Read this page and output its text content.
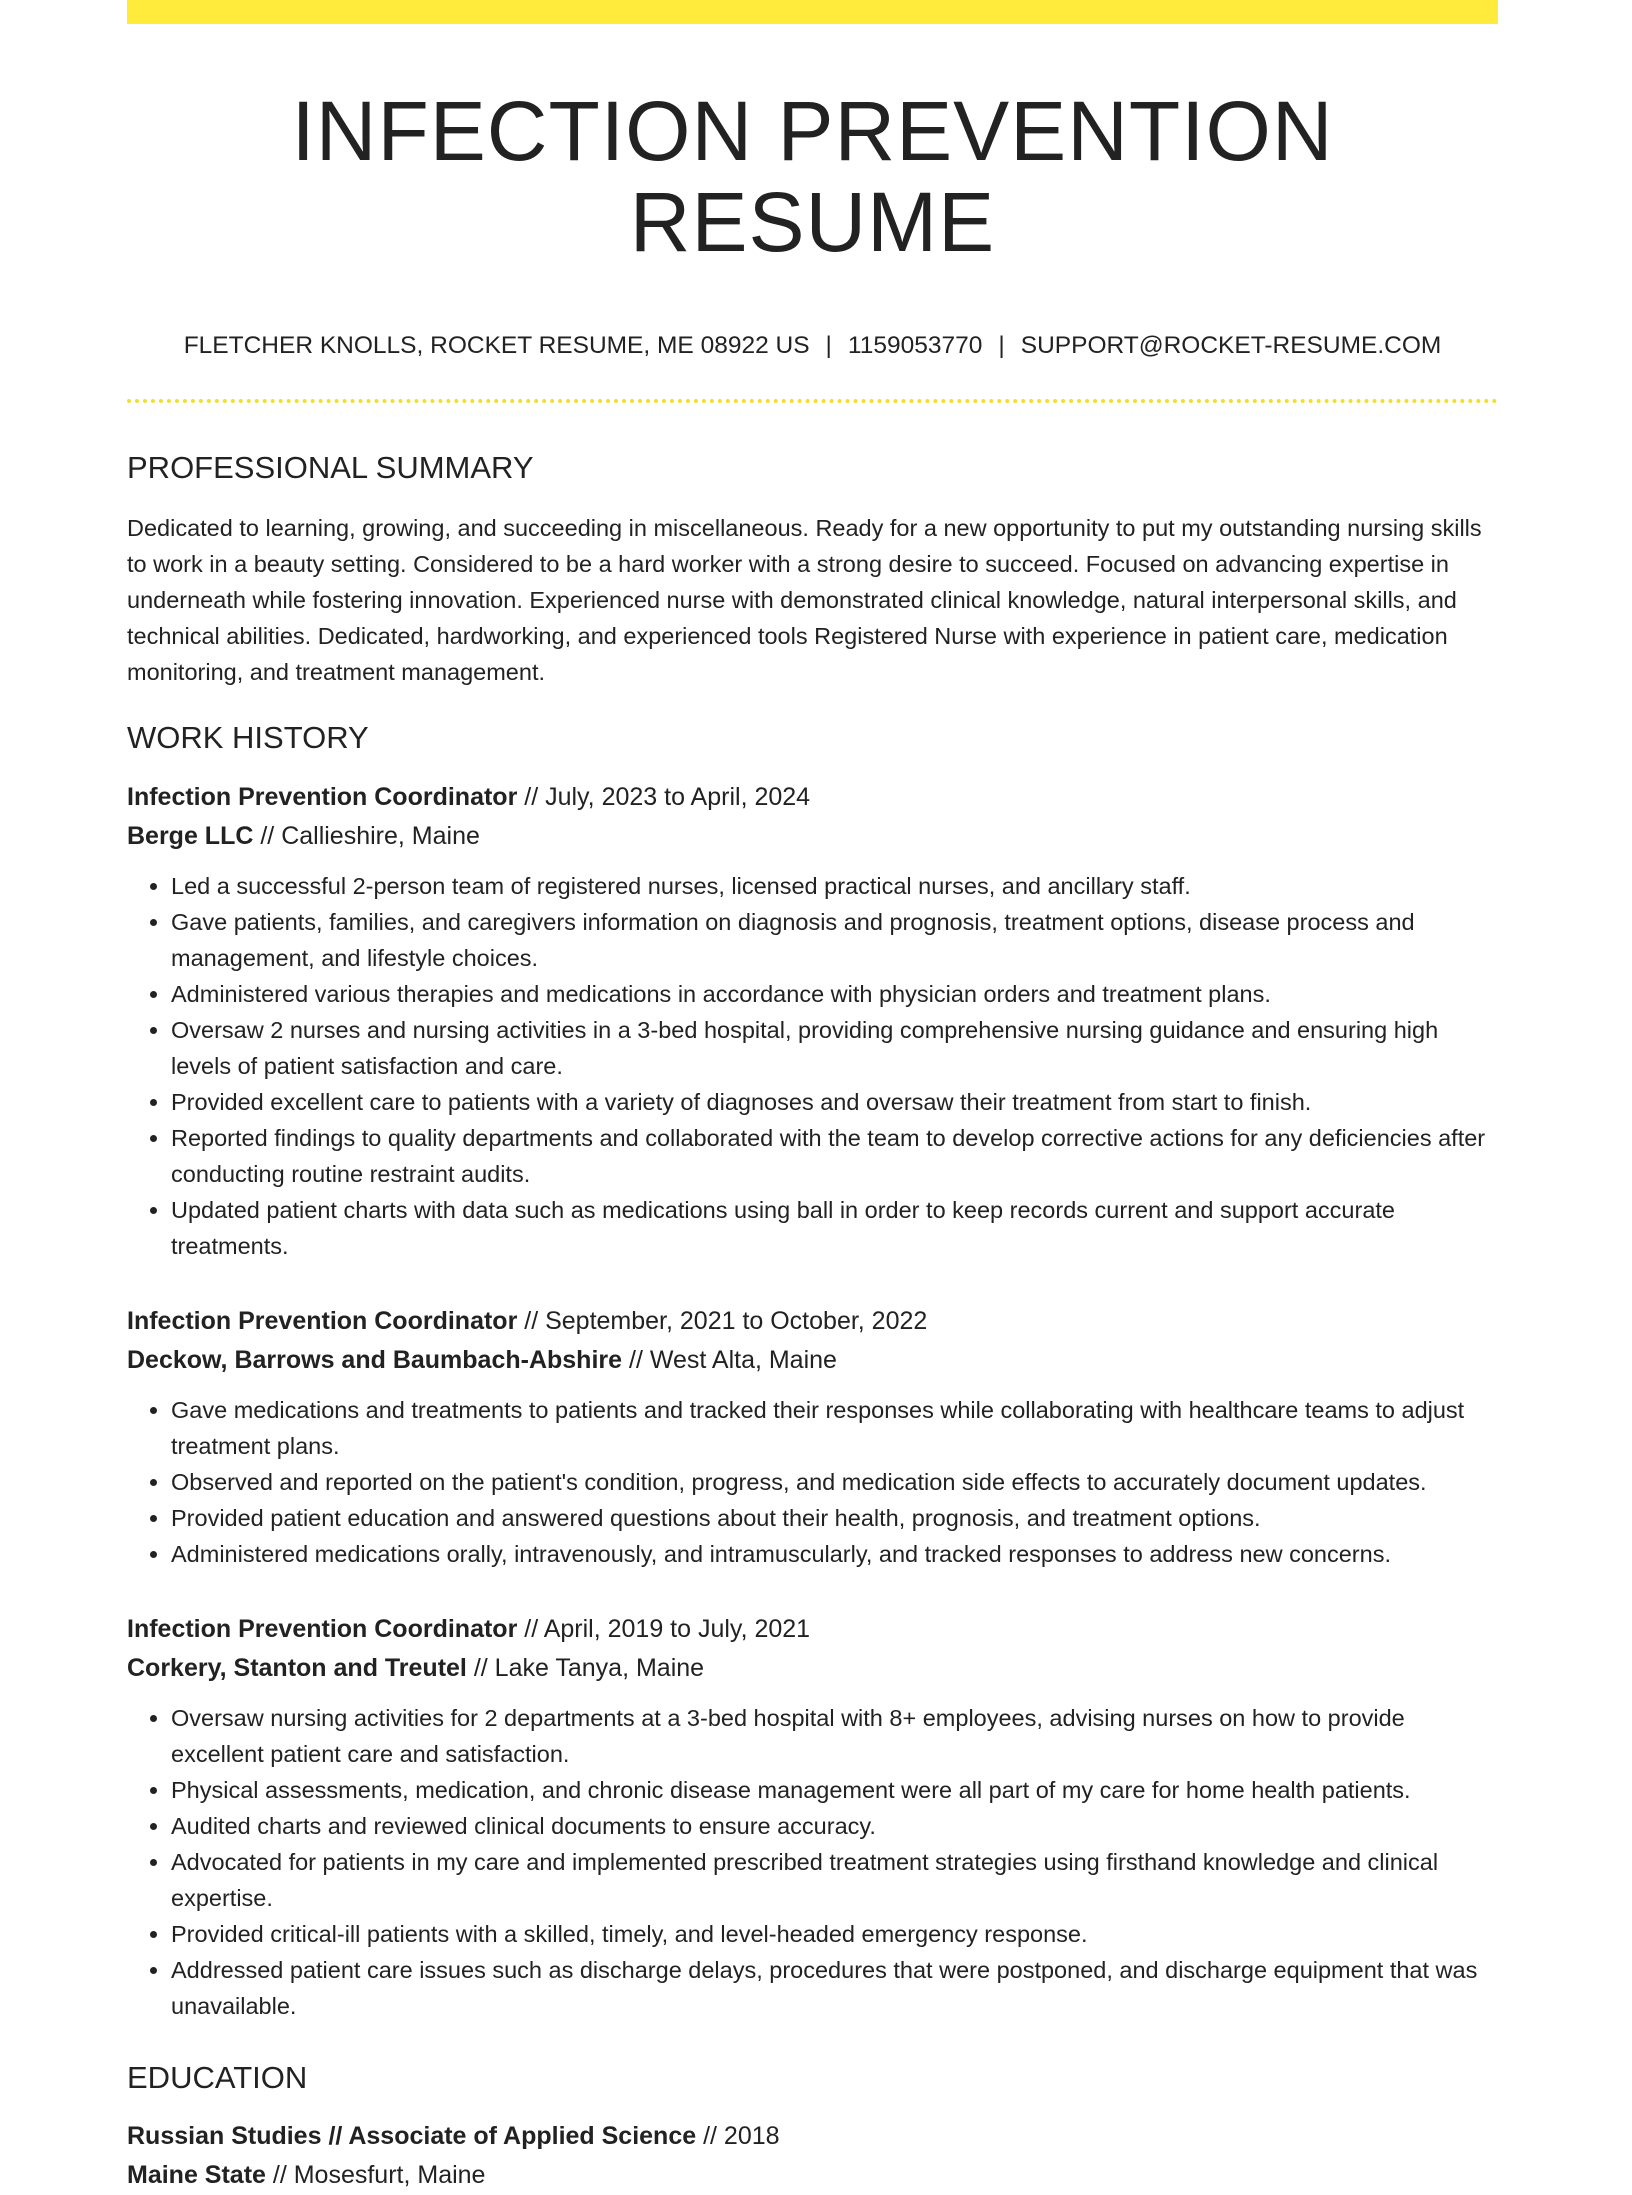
INFECTION PREVENTION RESUME
FLETCHER KNOLLS, ROCKET RESUME, ME 08922 US | 1159053770 | SUPPORT@ROCKET-RESUME.COM
PROFESSIONAL SUMMARY
Dedicated to learning, growing, and succeeding in miscellaneous. Ready for a new opportunity to put my outstanding nursing skills to work in a beauty setting. Considered to be a hard worker with a strong desire to succeed. Focused on advancing expertise in underneath while fostering innovation. Experienced nurse with demonstrated clinical knowledge, natural interpersonal skills, and technical abilities. Dedicated, hardworking, and experienced tools Registered Nurse with experience in patient care, medication monitoring, and treatment management.
WORK HISTORY
Infection Prevention Coordinator // July, 2023 to April, 2024
Berge LLC // Callieshire, Maine
• Led a successful 2-person team of registered nurses, licensed practical nurses, and ancillary staff.
• Gave patients, families, and caregivers information on diagnosis and prognosis, treatment options, disease process and management, and lifestyle choices.
• Administered various therapies and medications in accordance with physician orders and treatment plans.
• Oversaw 2 nurses and nursing activities in a 3-bed hospital, providing comprehensive nursing guidance and ensuring high levels of patient satisfaction and care.
• Provided excellent care to patients with a variety of diagnoses and oversaw their treatment from start to finish.
• Reported findings to quality departments and collaborated with the team to develop corrective actions for any deficiencies after conducting routine restraint audits.
• Updated patient charts with data such as medications using ball in order to keep records current and support accurate treatments.
Infection Prevention Coordinator // September, 2021 to October, 2022
Deckow, Barrows and Baumbach-Abshire // West Alta, Maine
• Gave medications and treatments to patients and tracked their responses while collaborating with healthcare teams to adjust treatment plans.
• Observed and reported on the patient's condition, progress, and medication side effects to accurately document updates.
• Provided patient education and answered questions about their health, prognosis, and treatment options.
• Administered medications orally, intravenously, and intramuscularly, and tracked responses to address new concerns.
Infection Prevention Coordinator // April, 2019 to July, 2021
Corkery, Stanton and Treutel // Lake Tanya, Maine
• Oversaw nursing activities for 2 departments at a 3-bed hospital with 8+ employees, advising nurses on how to provide excellent patient care and satisfaction.
• Physical assessments, medication, and chronic disease management were all part of my care for home health patients.
• Audited charts and reviewed clinical documents to ensure accuracy.
• Advocated for patients in my care and implemented prescribed treatment strategies using firsthand knowledge and clinical expertise.
• Provided critical-ill patients with a skilled, timely, and level-headed emergency response.
• Addressed patient care issues such as discharge delays, procedures that were postponed, and discharge equipment that was unavailable.
EDUCATION
Russian Studies // Associate of Applied Science // 2018
Maine State // Mosesfurt, Maine
